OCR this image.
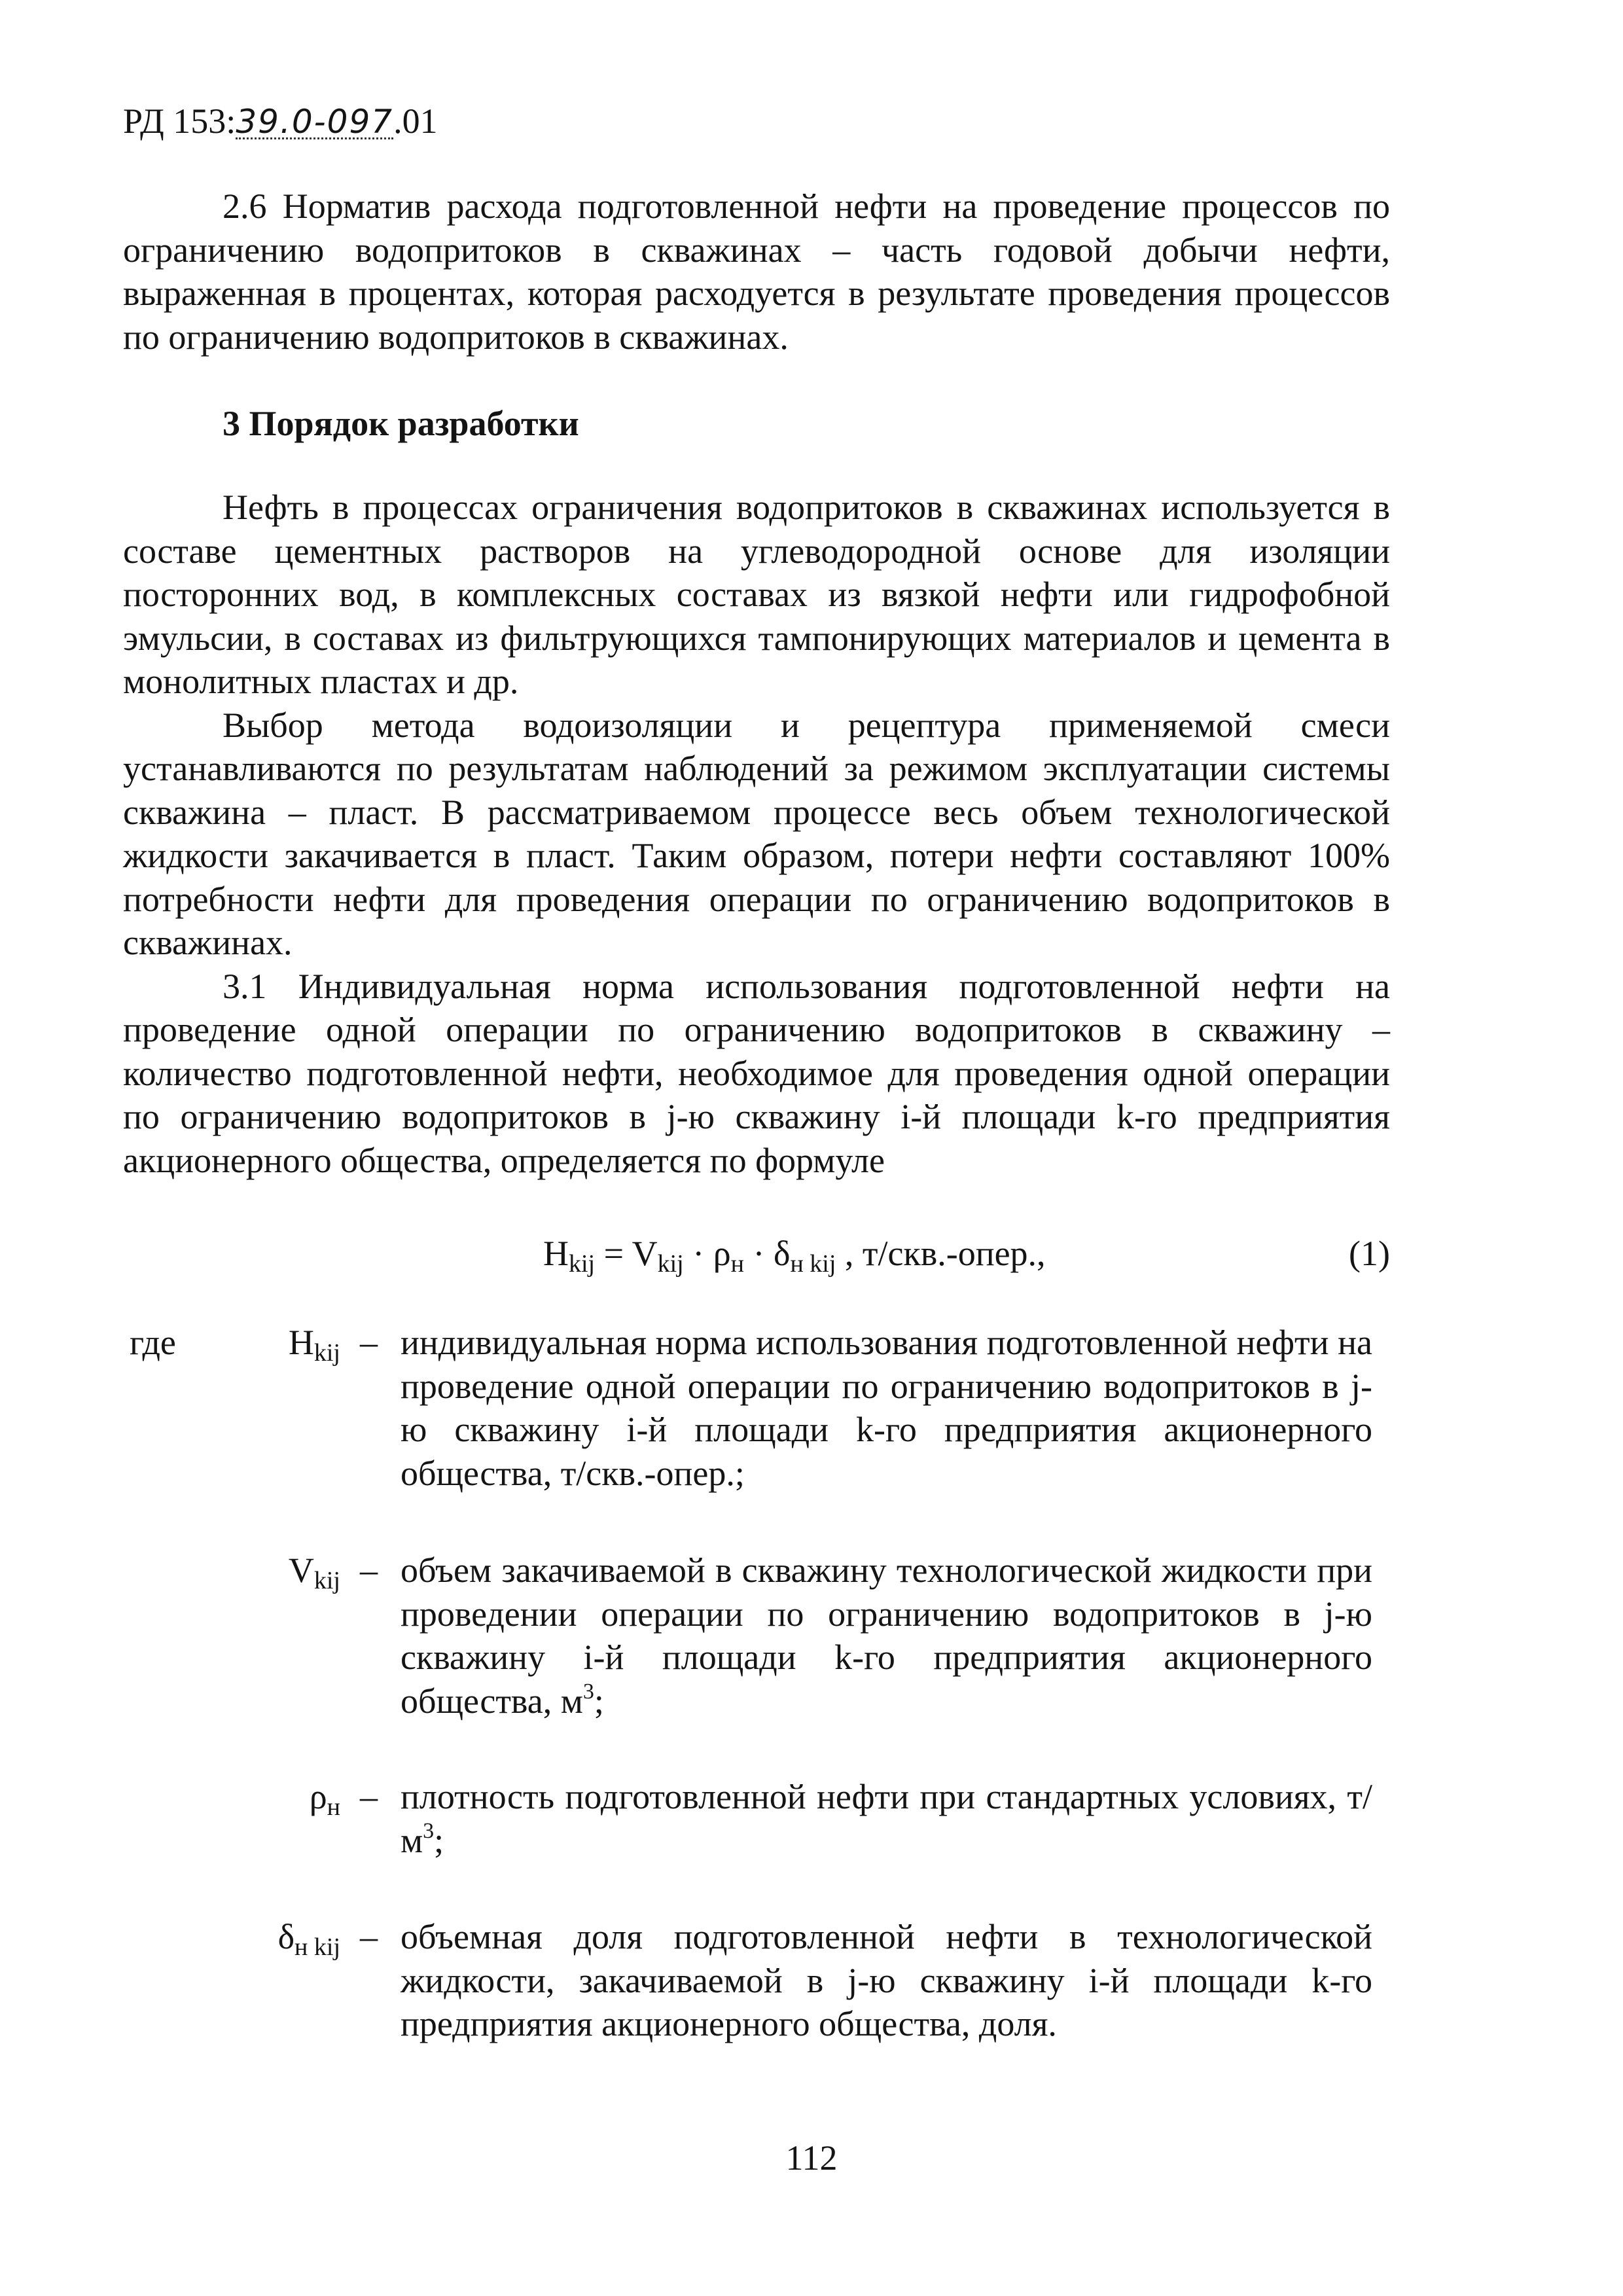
РД 153:39.0-097.01

2.6 Норматив расхода подготовленной нефти на проведение процессов по ограничению водопритоков в скважинах – часть годовой добычи нефти, выраженная в процентах, которая расходуется в результате проведения процессов по ограничению водопритоков в скважинах.

3 Порядок разработки

Нефть в процессах ограничения водопритоков в скважинах используется в составе цементных растворов на углеводородной основе для изоляции посторонних вод, в комплексных составах из вязкой нефти или гидрофобной эмульсии, в составах из фильтрующихся тампонирующих материалов и цемента в монолитных пластах и др.

Выбор метода водоизоляции и рецептура применяемой смеси устанавливаются по результатам наблюдений за режимом эксплуатации системы скважина – пласт. В рассматриваемом процессе весь объем технологической жидкости закачивается в пласт. Таким образом, потери нефти составляют 100% потребности нефти для проведения операции по ограничению водопритоков в скважинах.

3.1 Индивидуальная норма использования подготовленной нефти на проведение одной операции по ограничению водопритоков в скважину – количество подготовленной нефти, необходимое для проведения одной операции по ограничению водопритоков в j-ю скважину i-й площади k-го предприятия акционерного общества, определяется по формуле

$Н_{kij} = V_{kij} \cdot \rho_н \cdot \delta_{н kij}$ , т/скв.-опер.,	(1)
где	$Н_{kij}$ – индивидуальная норма использования подготовленной нефти на проведение одной операции по ограничению водопритоков в j-ю скважину i-й площади k-го предприятия акционерного общества, т/скв.-опер.;
$V_{kij}$ – объем закачиваемой в скважину технологической жидкости при проведении операции по ограничению водопритоков в j-ю скважину i-й площади k-го предприятия акционерного общества, $м^3$;
$\rho_н$ – плотность подготовленной нефти при стандартных условиях, $т/м^3$;
$\delta_{н kij}$ – объемная доля подготовленной нефти в технологической жидкости, закачиваемой в j-ю скважину i-й площади k-го предприятия акционерного общества, доля.
112
